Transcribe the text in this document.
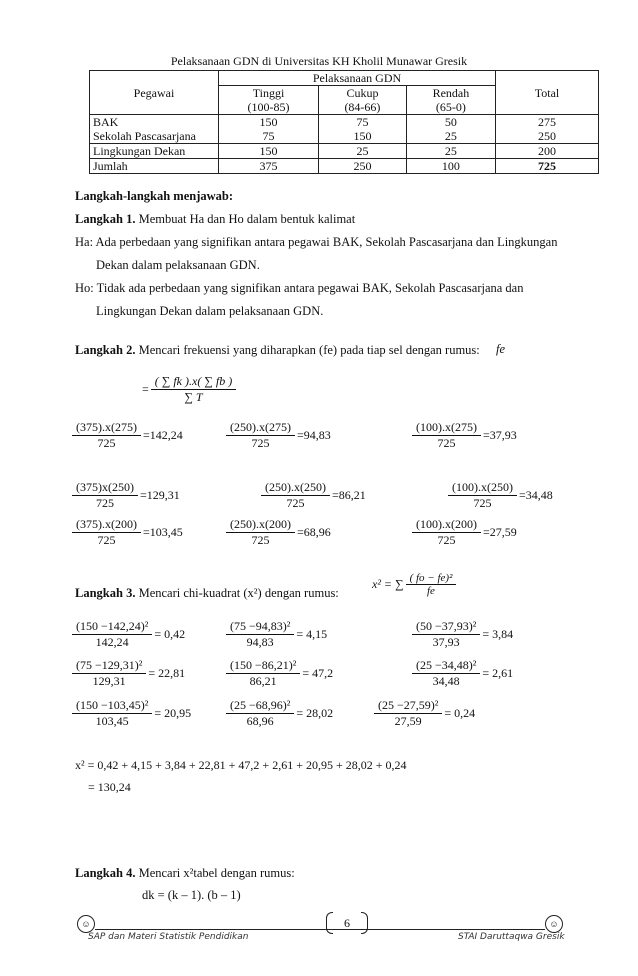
Pelaksanaan GDN di Universitas KH Kholil Munawar Gresik
Pegawai	Pelaksanaan GDN			Total
	Tinggi	Cukup	Rendah	
	(100-85)	(84-66)	(65-0)	
BAK	150	75	50	275
Sekolah Pascasarjana	75	150	25	250
Lingkungan Dekan	150	25	25	200
Jumlah	375	250	100	725
Langkah-langkah menjawab:
Langkah 1. Membuat Ha dan Ho dalam bentuk kalimat
Ha: Ada perbedaan yang signifikan antara pegawai BAK, Sekolah Pascasarjana dan Lingkungan
Dekan dalam pelaksanaan GDN.
Ho: Tidak ada perbedaan yang signifikan antara pegawai BAK, Sekolah Pascasarjana dan
Lingkungan Dekan dalam pelaksanaan GDN.
Langkah 2. Mencari frekuensi yang diharapkan (fe) pada tiap sel dengan rumus: fe
= $\frac{( \sum fk ).x( \sum fb )}{\sum T}$
$\frac{(375).x(275)}{725} =142,24$	$\frac{(250).x(275)}{725} =94,83$	$\frac{(100).x(275)}{725} =37,93$
$\frac{(375)x(250)}{725} =129,31$	$\frac{(250).x(250)}{725} =86,21$	$\frac{(100).x(250)}{725} =34,48$
$\frac{(375).x(200)}{725} =103,45$	$\frac{(250).x(200)}{725} =68,96$	$\frac{(100).x(200)}{725} =27,59$
Langkah 3. Mencari chi-kuadrat (x²) dengan rumus:
x² = ∑ $\frac{\text{( fo − fe)²}}{fe}$
$\frac{\text{(150 −142,24)²}}{142,24} = 0,42$	$\frac{\text{(75 −94,83)²}}{94,83} = 4,15$	$\frac{\text{(50 −37,93)²}}{37,93} = 3,84$
$\frac{\text{(75 −129,31)²}}{129,31} = 22,81$	$\frac{\text{(150 −86,21)²}}{86,21} = 47,2$	$\frac{\text{(25 −34,48)²}}{34,48} = 2,61$
$\frac{\text{(150 −103,45)²}}{103,45} = 20,95$	$\frac{\text{(25 −68,96)²}}{68,96} = 28,02$	$\frac{\text{(25 −27,59)²}}{27,59} = 0,24$
x² = 0,42 + 4,15 + 3,84 + 22,81 + 47,2 + 2,61 + 20,95 + 28,02 + 0,24
= 130,24
Langkah 4. Mencari x²tabel dengan rumus:
dk = (k – 1). (b – 1)
☺	☺
6
SAP dan Materi Statistik Pendidikan	STAI Daruttaqwa Gresik
